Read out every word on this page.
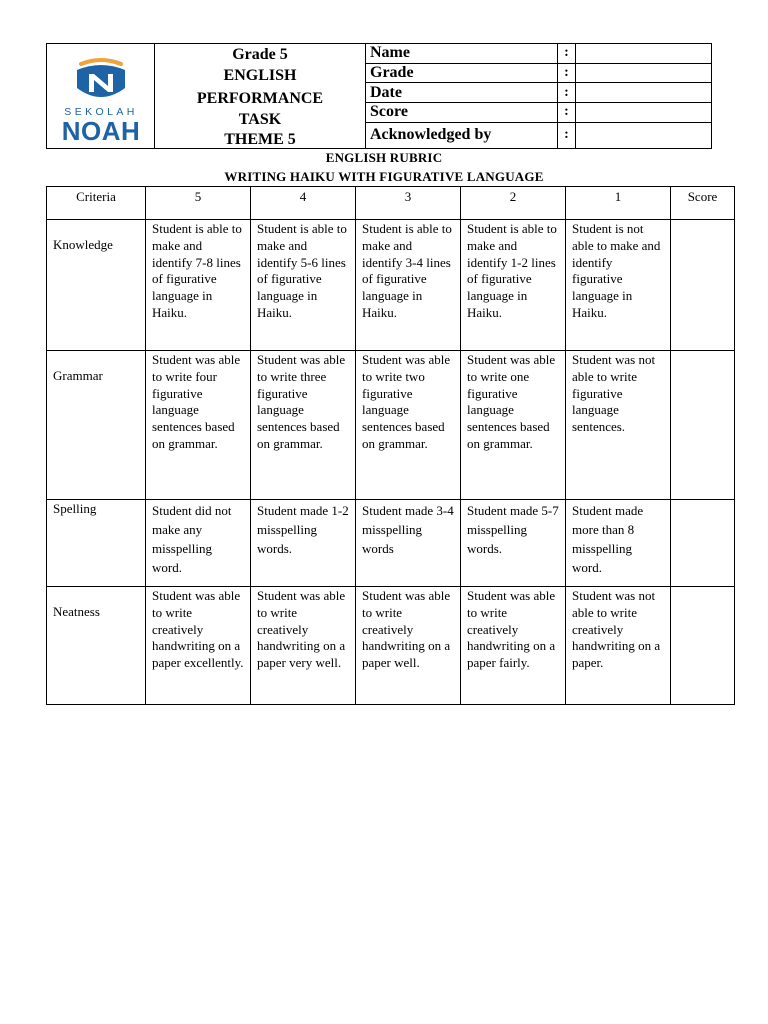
SEKOLAH
NOAH
Grade 5
ENGLISH
PERFORMANCE
TASK
THEME 5
Name	:
Grade	:
Date	:
Score	:
Acknowledged by	:
ENGLISH RUBRIC
WRITING HAIKU WITH FIGURATIVE LANGUAGE
Criteria	5	4	3	2	1	Score
Knowledge	Student is able to make and identify 7-8 lines of figurative language in Haiku.	Student is able to make and identify 5-6 lines of figurative language in Haiku.	Student is able to make and identify 3-4 lines of figurative language in Haiku.	Student is able to make and identify 1-2 lines of figurative language in Haiku.	Student is not able to make and identify figurative language in Haiku.	
Grammar	Student was able to write four figurative language sentences based on grammar.	Student was able to write three figurative language sentences based on grammar.	Student was able to write two figurative language sentences based on grammar.	Student was able to write one figurative language sentences based on grammar.	Student was not able to write figurative language sentences.	
Spelling	Student did not make any misspelling word.	Student made 1-2 misspelling words.	Student made 3-4 misspelling words	Student made 5-7 misspelling words.	Student made more than 8 misspelling word.	
Neatness	Student was able to write creatively handwriting on a paper excellently.	Student was able to write creatively handwriting on a paper very well.	Student was able to write creatively handwriting on a paper well.	Student was able to write creatively handwriting on a paper fairly.	Student was not able to write creatively handwriting on a paper.	
